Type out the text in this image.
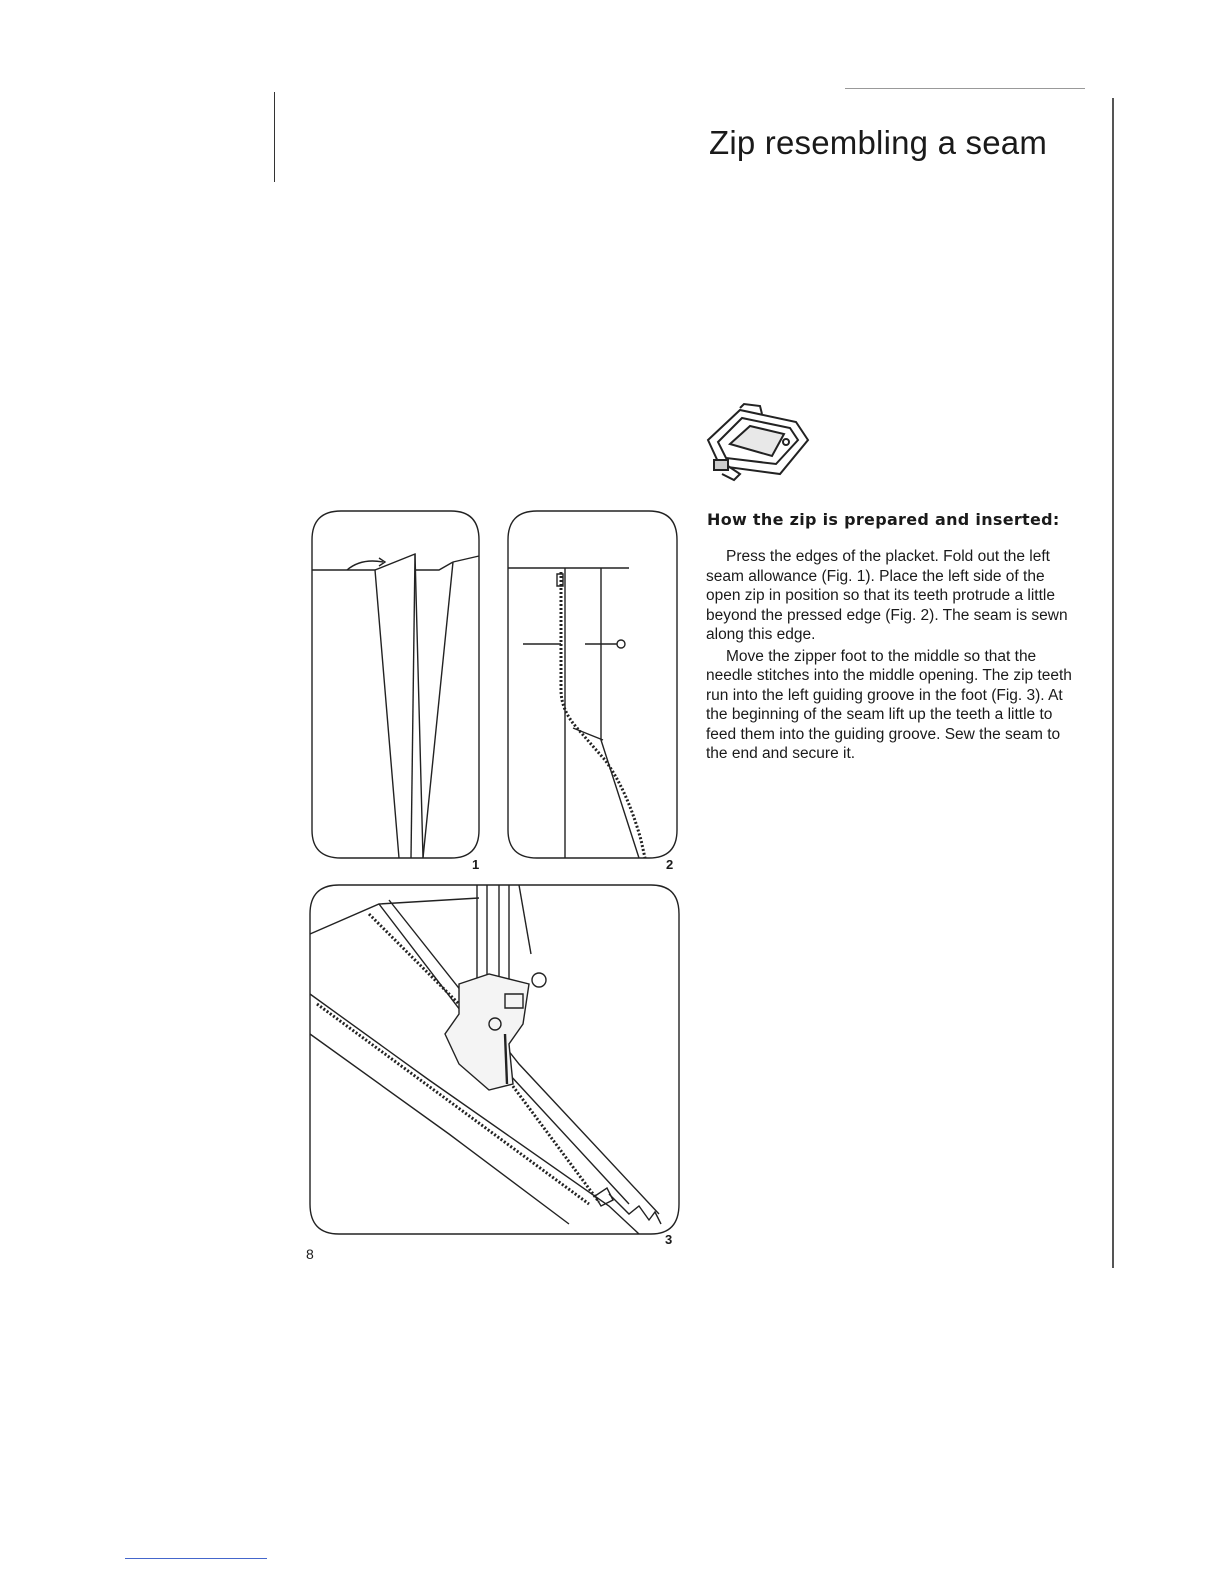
Zip resembling a seam
How the zip is prepared and inserted:

Press the edges of the placket. Fold out the left seam allowance (Fig. 1). Place the left side of the open zip in position so that its teeth protrude a little beyond the pressed edge (Fig. 2). The seam is sewn along this edge.

Move the zipper foot to the middle so that the needle stitches into the middle opening. The zip teeth run into the left guiding groove in the foot (Fig. 3). At the beginning of the seam lift up the teeth a little to feed them into the guiding groove. Sew the seam to the end and secure it.

1	2
3
8
